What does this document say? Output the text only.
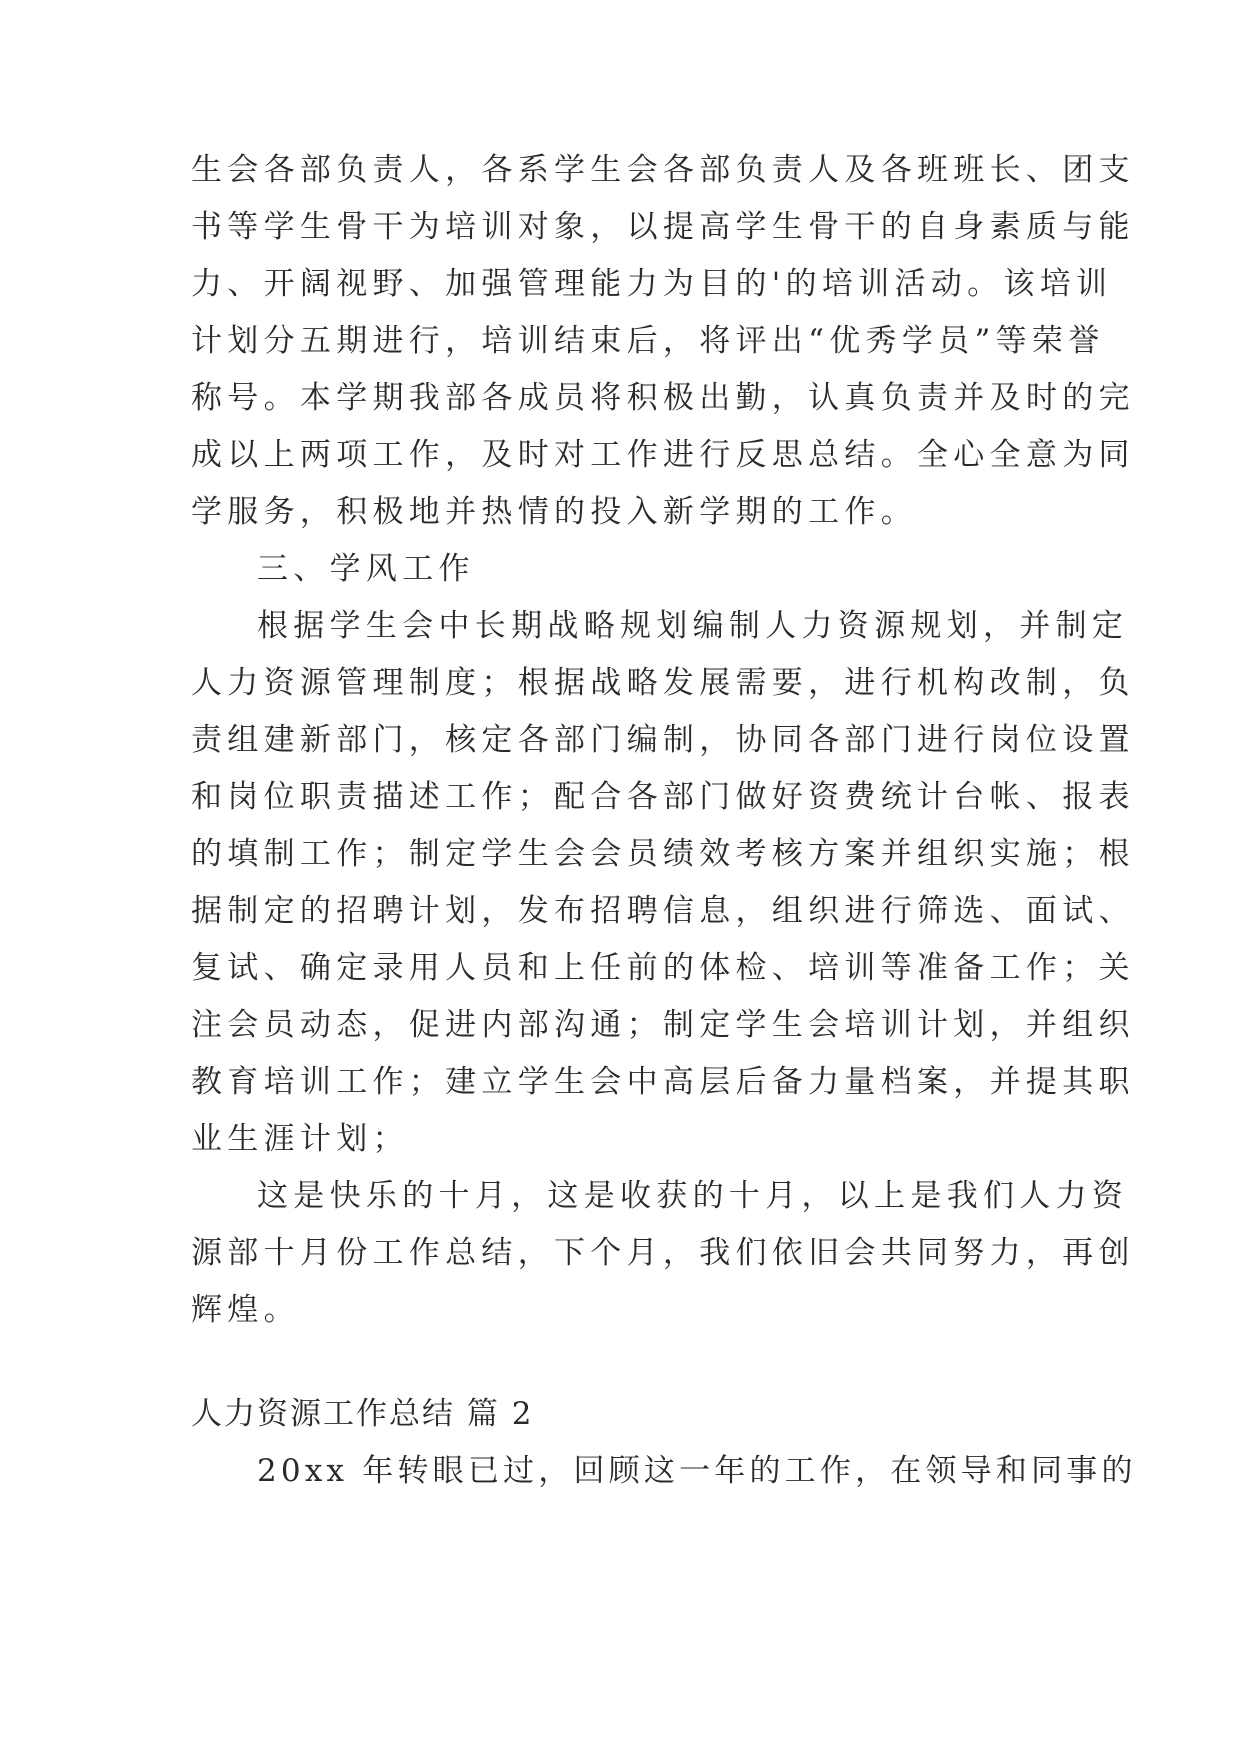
生会各部负责人，各系学生会各部负责人及各班班长、团支
书等学生骨干为培训对象，以提高学生骨干的自身素质与能
力、开阔视野、加强管理能力为目的'的培训活动。该培训
计划分五期进行，培训结束后，将评出“优秀学员”等荣誉
称号。本学期我部各成员将积极出勤，认真负责并及时的完
成以上两项工作，及时对工作进行反思总结。全心全意为同
学服务，积极地并热情的投入新学期的工作。
三、学风工作
根据学生会中长期战略规划编制人力资源规划，并制定
人力资源管理制度；根据战略发展需要，进行机构改制，负
责组建新部门，核定各部门编制，协同各部门进行岗位设置
和岗位职责描述工作；配合各部门做好资费统计台帐、报表
的填制工作；制定学生会会员绩效考核方案并组织实施；根
据制定的招聘计划，发布招聘信息，组织进行筛选、面试、
复试、确定录用人员和上任前的体检、培训等准备工作；关
注会员动态，促进内部沟通；制定学生会培训计划，并组织
教育培训工作；建立学生会中高层后备力量档案，并提其职
业生涯计划；
这是快乐的十月，这是收获的十月，以上是我们人力资
源部十月份工作总结，下个月，我们依旧会共同努力，再创
辉煌。
人力资源工作总结 篇 2
20xx 年转眼已过，回顾这一年的工作，在领导和同事的
